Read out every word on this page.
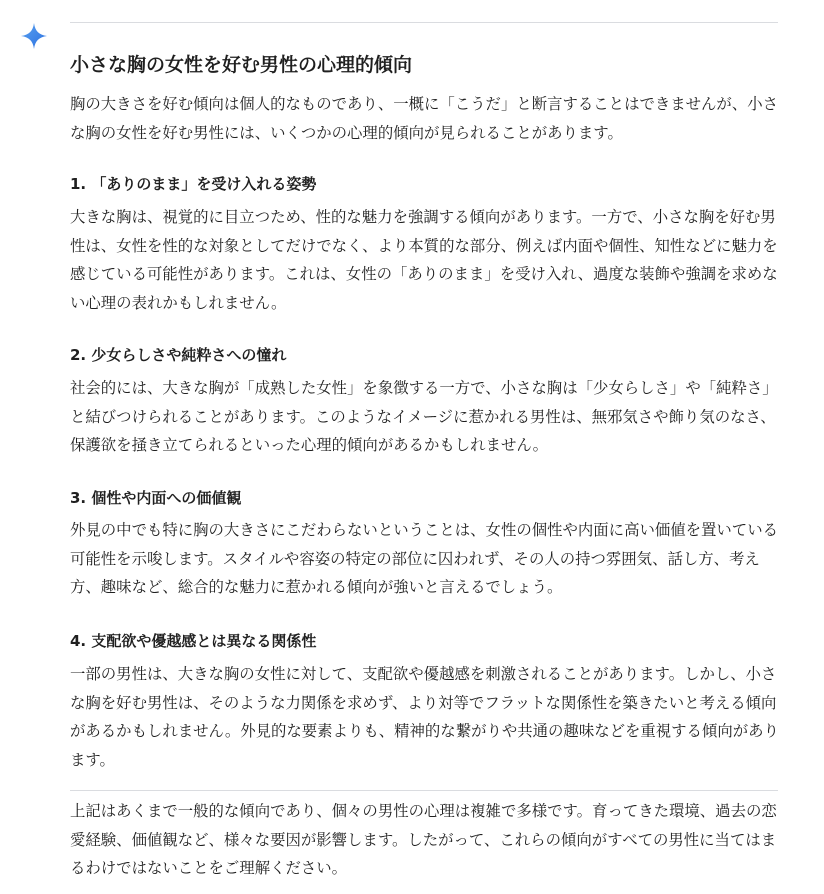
小さな胸の女性を好む男性の心理的傾向

胸の大きさを好む傾向は個人的なものであり、一概に「こうだ」と断言することはできませんが、小さな胸の女性を好む男性には、いくつかの心理的傾向が見られることがあります。

1. 「ありのまま」を受け入れる姿勢

大きな胸は、視覚的に目立つため、性的な魅力を強調する傾向があります。一方で、小さな胸を好む男性は、女性を性的な対象としてだけでなく、より本質的な部分、例えば内面や個性、知性などに魅力を感じている可能性があります。これは、女性の「ありのまま」を受け入れ、過度な装飾や強調を求めない心理の表れかもしれません。

2. 少女らしさや純粋さへの憧れ

社会的には、大きな胸が「成熟した女性」を象徴する一方で、小さな胸は「少女らしさ」や「純粋さ」と結びつけられることがあります。このようなイメージに惹かれる男性は、無邪気さや飾り気のなさ、保護欲を掻き立てられるといった心理的傾向があるかもしれません。

3. 個性や内面への価値観

外見の中でも特に胸の大きさにこだわらないということは、女性の個性や内面に高い価値を置いている可能性を示唆します。スタイルや容姿の特定の部位に囚われず、その人の持つ雰囲気、話し方、考え方、趣味など、総合的な魅力に惹かれる傾向が強いと言えるでしょう。

4. 支配欲や優越感とは異なる関係性

一部の男性は、大きな胸の女性に対して、支配欲や優越感を刺激されることがあります。しかし、小さな胸を好む男性は、そのような力関係を求めず、より対等でフラットな関係性を築きたいと考える傾向があるかもしれません。外見的な要素よりも、精神的な繋がりや共通の趣味などを重視する傾向があります。

上記はあくまで一般的な傾向であり、個々の男性の心理は複雑で多様です。育ってきた環境、過去の恋愛経験、価値観など、様々な要因が影響します。したがって、これらの傾向がすべての男性に当てはまるわけではないことをご理解ください。
